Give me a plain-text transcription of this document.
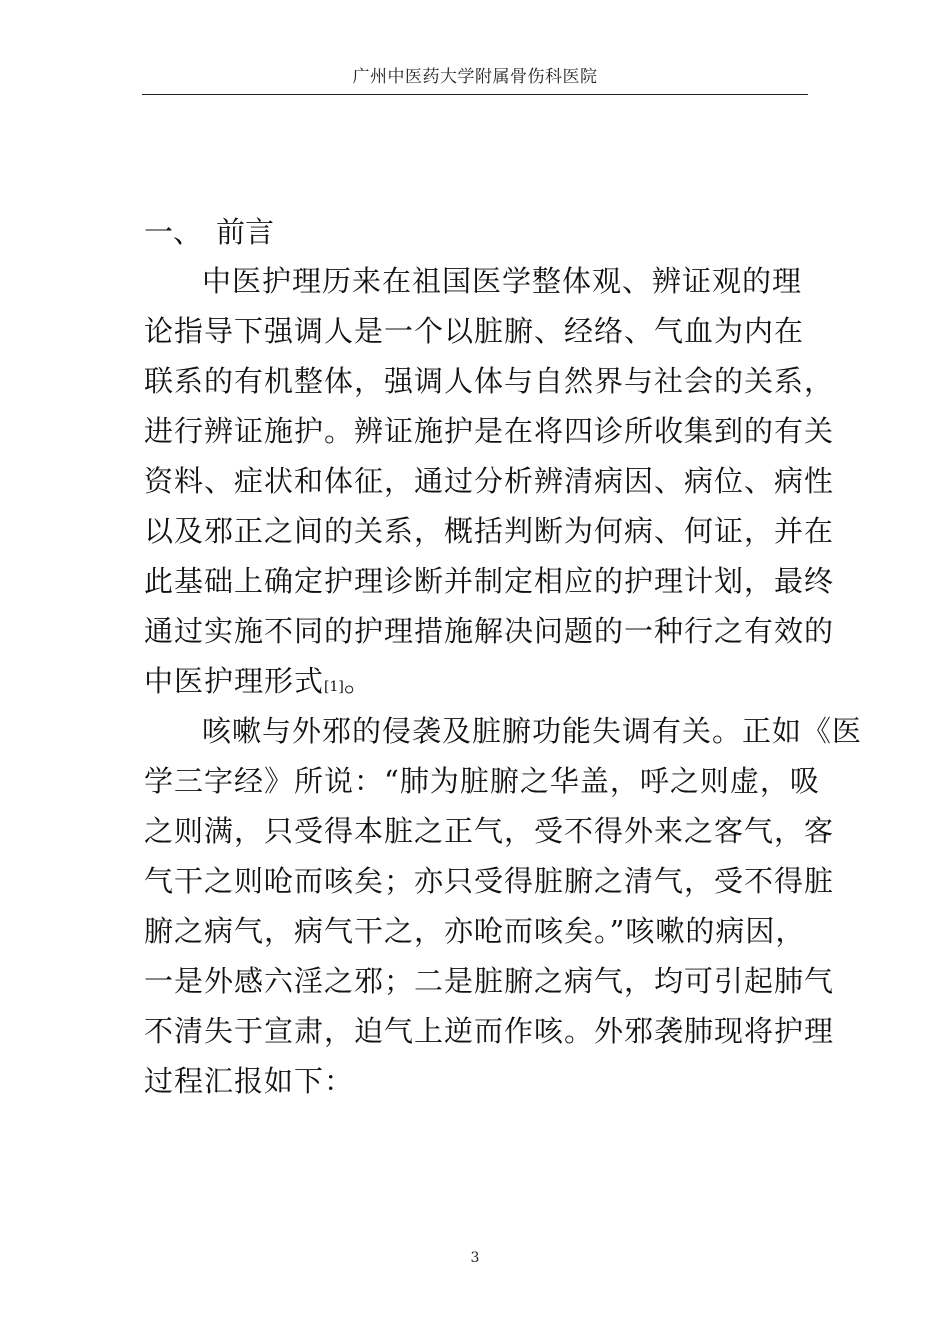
广州中医药大学附属骨伤科医院
一、 前言
中医护理历来在祖国医学整体观、辨证观的理
论指导下强调人是一个以脏腑、经络、气血为内在
联系的有机整体，强调人体与自然界与社会的关系，
进行辨证施护。辨证施护是在将四诊所收集到的有关
资料、症状和体征，通过分析辨清病因、病位、病性
以及邪正之间的关系，概括判断为何病、何证，并在
此基础上确定护理诊断并制定相应的护理计划，最终
通过实施不同的护理措施解决问题的一种行之有效的
中医护理形式[1]。
咳嗽与外邪的侵袭及脏腑功能失调有关。正如《医
学三字经》所说：“肺为脏腑之华盖，呼之则虚，吸
之则满，只受得本脏之正气，受不得外来之客气，客
气干之则呛而咳矣；亦只受得脏腑之清气，受不得脏
腑之病气，病气干之，亦呛而咳矣。”咳嗽的病因，
一是外感六淫之邪；二是脏腑之病气，均可引起肺气
不清失于宣肃，迫气上逆而作咳。外邪袭肺现将护理
过程汇报如下：
3
